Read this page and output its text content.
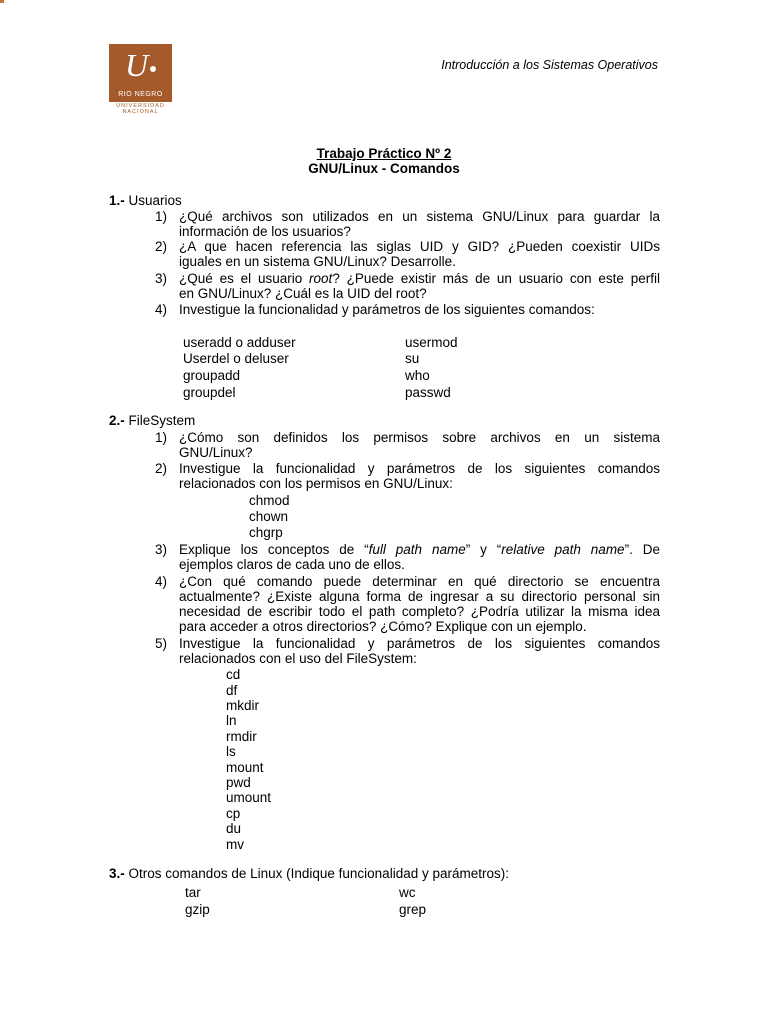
U
RIO NEGRO
UNIVERSIDAD
NACIONAL
Introducción a los Sistemas Operativos
Trabajo Práctico Nº 2
GNU/Linux - Comandos
1.- Usuarios
1) ¿Qué archivos son utilizados en un sistema GNU/Linux para guardar la
información de los usuarios?
2) ¿A que hacen referencia las siglas UID y GID? ¿Pueden coexistir UIDs
iguales en un sistema GNU/Linux? Desarrolle.
3) ¿Qué es el usuario root? ¿Puede existir más de un usuario con este perfil
en GNU/Linux? ¿Cuál es la UID del root?
4) Investigue la funcionalidad y parámetros de los siguientes comandos:
useradd o adduser
Userdel o deluser
groupadd
groupdel
usermod
su
who
passwd
2.- FileSystem
1) ¿Cómo son definidos los permisos sobre archivos en un sistema
GNU/Linux?
2) Investigue la funcionalidad y parámetros de los siguientes comandos
relacionados con los permisos en GNU/Linux:
chmod
chown
chgrp
3) Explique los conceptos de “full path name” y “relative path name”. De
ejemplos claros de cada uno de ellos.
4) ¿Con qué comando puede determinar en qué directorio se encuentra
actualmente? ¿Existe alguna forma de ingresar a su directorio personal sin
necesidad de escribir todo el path completo? ¿Podría utilizar la misma idea
para acceder a otros directorios? ¿Cómo? Explique con un ejemplo.
5) Investigue la funcionalidad y parámetros de los siguientes comandos
relacionados con el uso del FileSystem:
cd
df
mkdir
ln
rmdir
ls
mount
pwd
umount
cp
du
mv
3.- Otros comandos de Linux (Indique funcionalidad y parámetros):
tar
gzip
wc
grep
